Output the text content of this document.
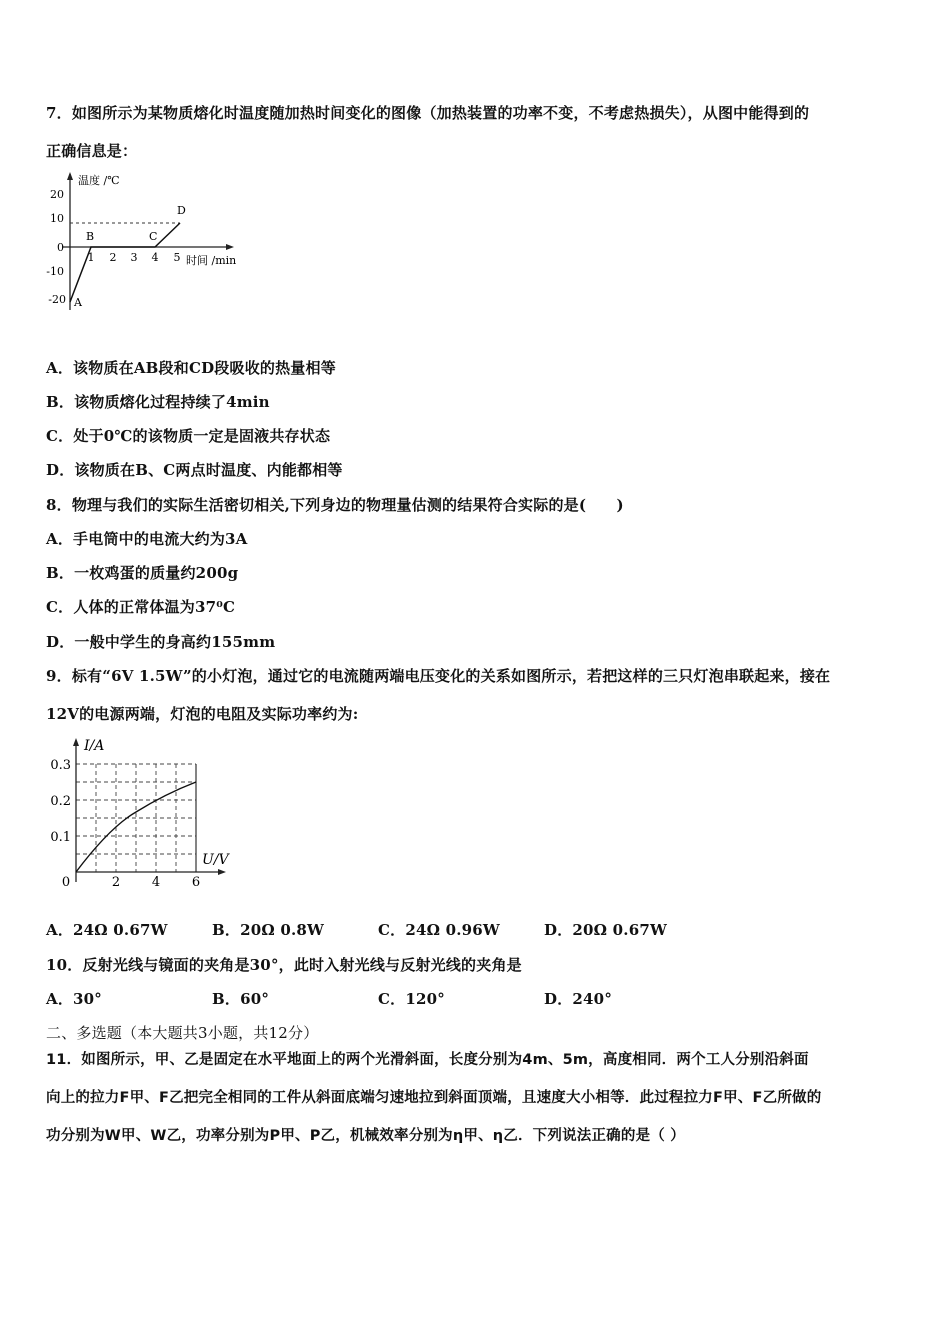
7．如图所示为某物质熔化时温度随加热时间变化的图像（加热装置的功率不变，不考虑热损失），从图中能得到的
正确信息是：
20
10
0
-10
-20
1 2 3 4 5
A
B	C
D
温度 /℃
时间 /min
A．该物质在AB段和CD段吸收的热量相等
B．该物质熔化过程持续了4min
C．处于0℃的该物质一定是固液共存状态
D．该物质在B、C两点时温度、内能都相等
8．物理与我们的实际生活密切相关,下列身边的物理量估测的结果符合实际的是(　　)
A．手电筒中的电流大约为3A
B．一枚鸡蛋的质量约200g
C．人体的正常体温为37⁰C
D．一般中学生的身高约155mm
9．标有“6V 1.5W”的小灯泡，通过它的电流随两端电压变化的关系如图所示，若把这样的三只灯泡串联起来，接在
12V的电源两端，灯泡的电阻及实际功率约为:
0.3
0.2
0.1
0	2 4 6
I/A
U/V
A．24Ω 0.67W	B．20Ω 0.8W	C．24Ω 0.96W	D．20Ω 0.67W
10．反射光线与镜面的夹角是30°，此时入射光线与反射光线的夹角是
A．30°	B．60°	C．120°	D．240°
二、多选题（本大题共3小题，共12分）
11．如图所示，甲、乙是固定在水平地面上的两个光滑斜面，长度分别为4m、5m，高度相同．两个工人分别沿斜面
向上的拉力F甲、F乙把完全相同的工件从斜面底端匀速地拉到斜面顶端，且速度大小相等．此过程拉力F甲、F乙所做的
功分别为W甲、W乙，功率分别为P甲、P乙，机械效率分别为η甲、η乙．下列说法正确的是（ ）
